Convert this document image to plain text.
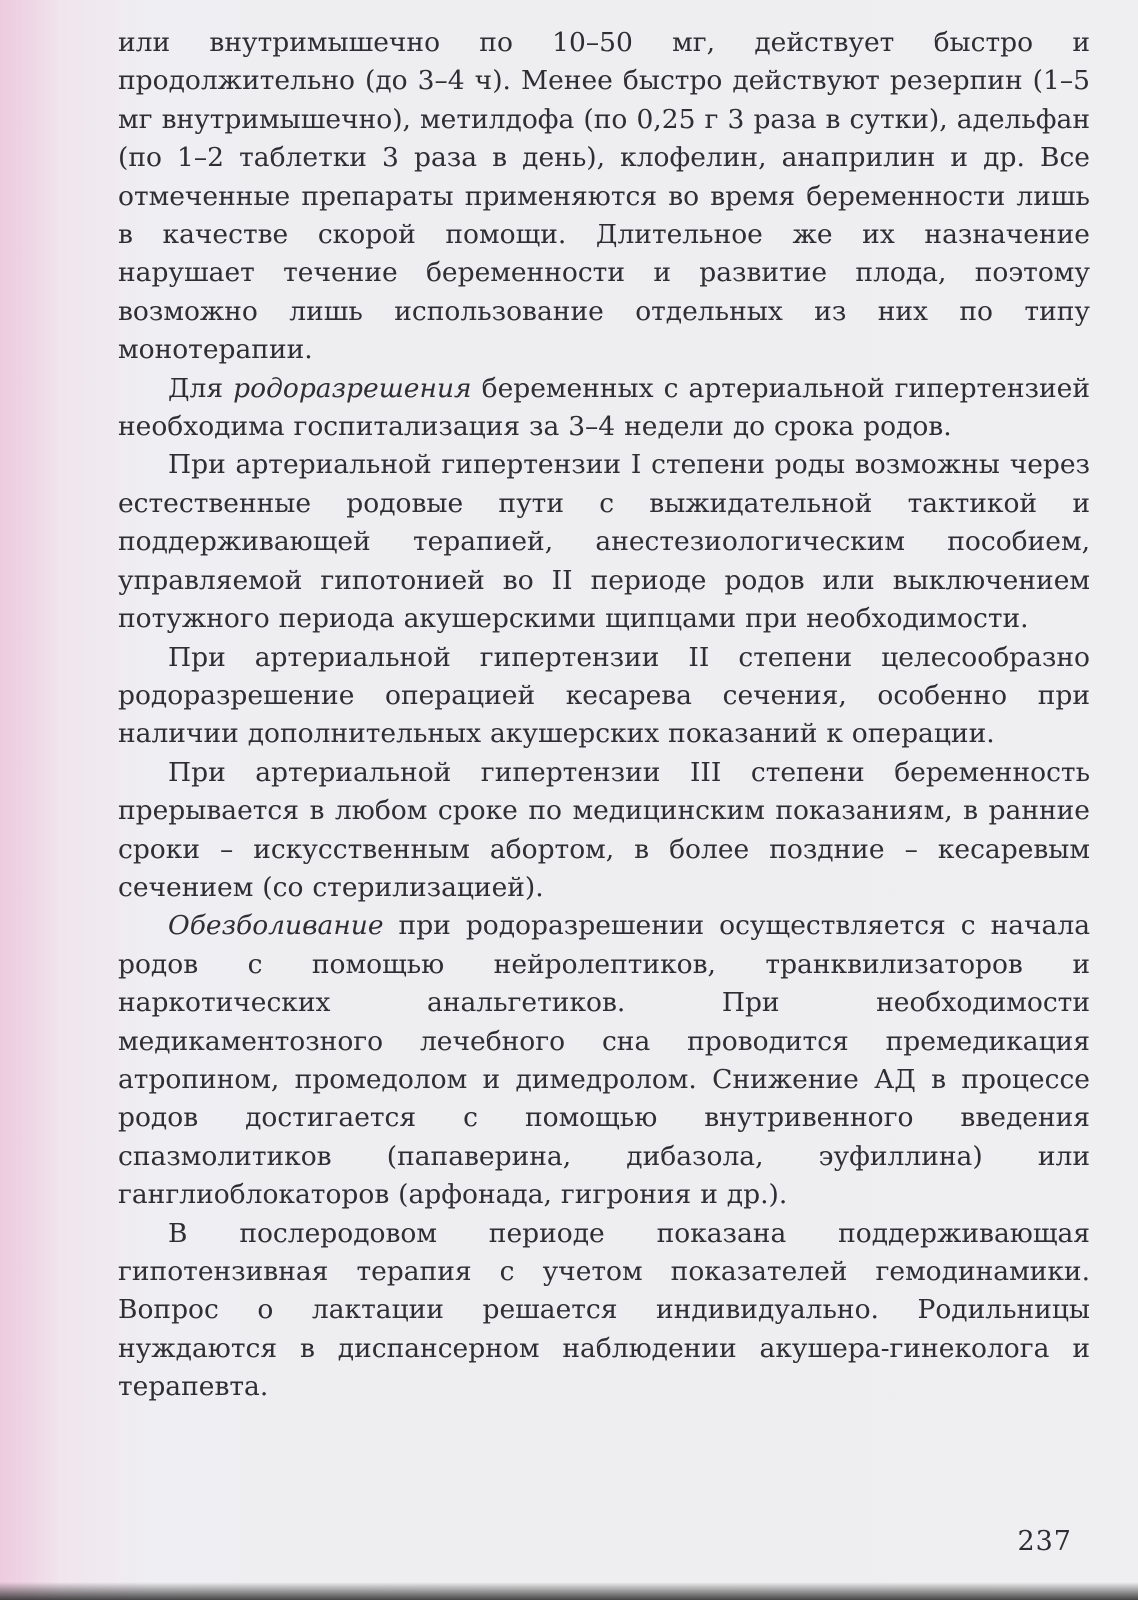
или внутримышечно по 10–50 мг, действует быстро и продолжительно (до 3–4 ч). Менее быстро действуют резерпин (1–5 мг внутримышечно), метилдофа (по 0,25 г 3 раза в сутки), адельфан (по 1–2 таблетки 3 раза в день), клофелин, анаприлин и др. Все отмеченные препараты применяются во время беременности лишь в качестве скорой помощи. Длительное же их назначение нарушает течение беременности и развитие плода, поэтому возможно лишь использование отдельных из них по типу монотерапии.

Для родоразрешения беременных с артериальной гипертензией необходима госпитализация за 3–4 недели до срока родов.

При артериальной гипертензии I степени роды возможны через естественные родовые пути с выжидательной тактикой и поддерживающей терапией, анестезиологическим пособием, управляемой гипотонией во II периоде родов или выключением потужного периода акушерскими щипцами при необходимости.

При артериальной гипертензии II степени целесообразно родоразрешение операцией кесарева сечения, особенно при наличии дополнительных акушерских показаний к операции.

При артериальной гипертензии III степени беременность прерывается в любом сроке по медицинским показаниям, в ранние сроки – искусственным абортом, в более поздние – кесаревым сечением (со стерилизацией).

Обезболивание при родоразрешении осуществляется с начала родов с помощью нейролептиков, транквилизаторов и наркотических анальгетиков. При необходимости медикаментозного лечебного сна проводится премедикация атропином, промедолом и димедролом. Снижение АД в процессе родов достигается с помощью внутривенного введения спазмолитиков (папаверина, дибазола, эуфиллина) или ганглиоблокаторов (арфонада, гигрония и др.).

В послеродовом периоде показана поддерживающая гипотензивная терапия с учетом показателей гемодинамики. Вопрос о лактации решается индивидуально. Родильницы нуждаются в диспансерном наблюдении акушера-гинеколога и терапевта.

237
